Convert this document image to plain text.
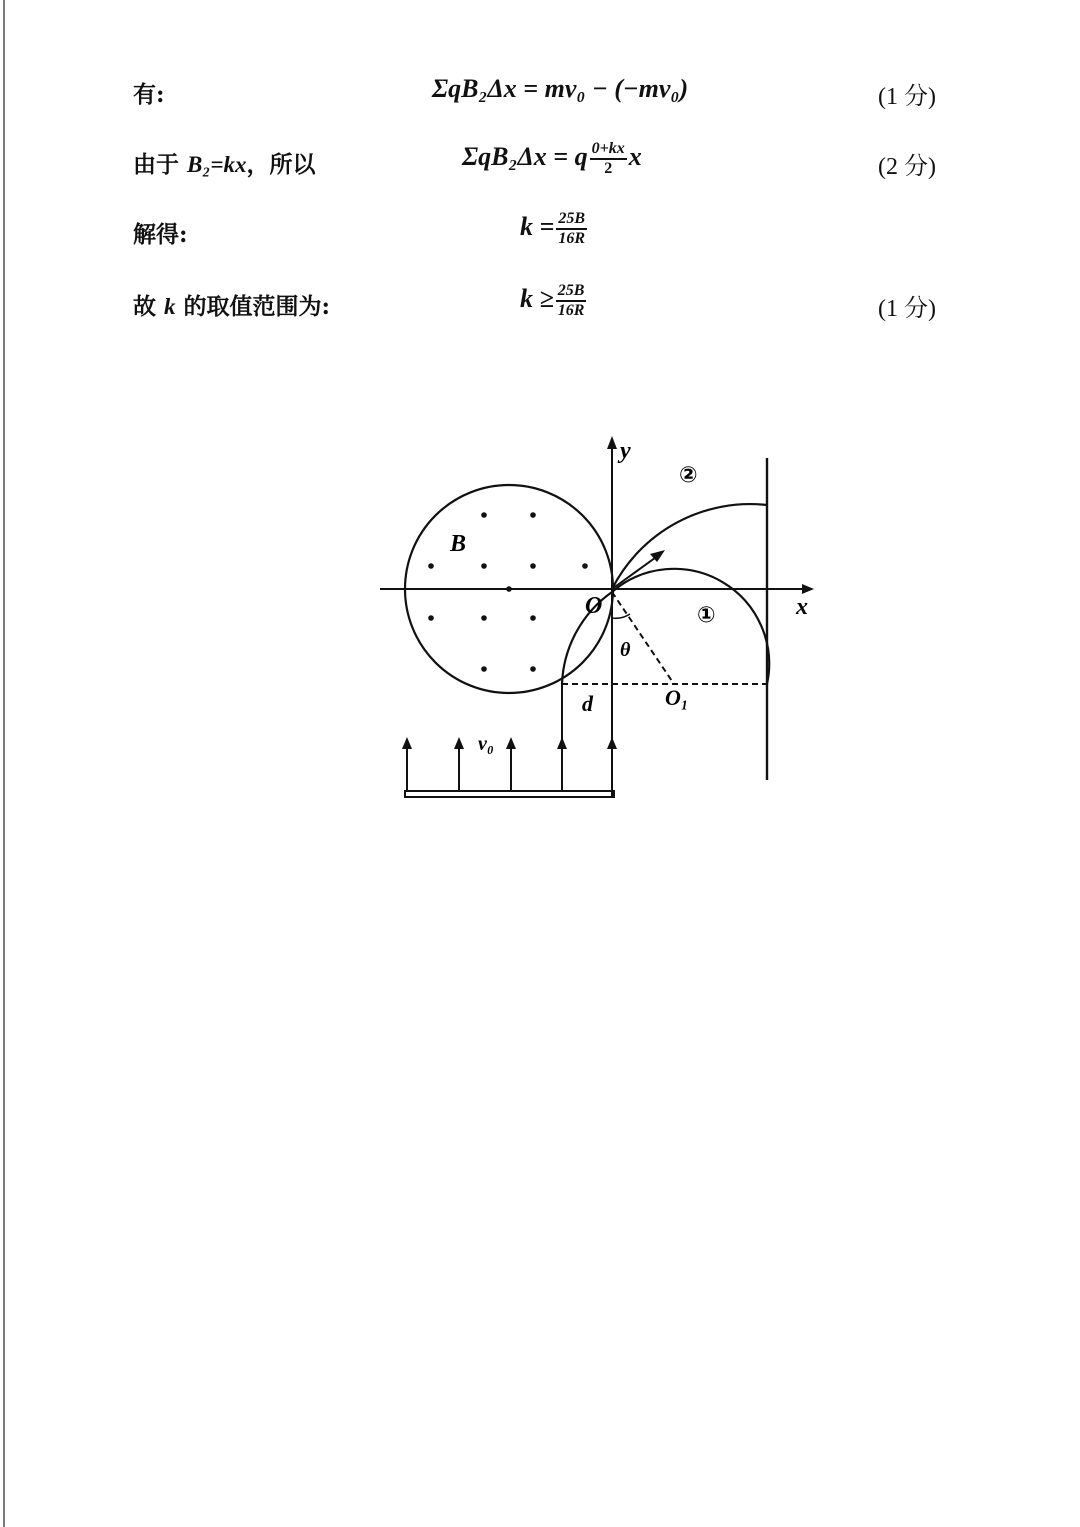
有:	ΣqB₂Δx = mv₀ − (−mv₀)	(1 分)
由于 B₂=kx，所以	ΣqB₂Δx = q $\frac{0+kx}{2}$ x	(2 分)
解得:	$k = \frac{25B}{16R}$
故 k 的取值范围为:	$k \ge \frac{25B}{16R}$	(1 分)
y
x
B
O
O₁
θ
d
v₀
②
①
